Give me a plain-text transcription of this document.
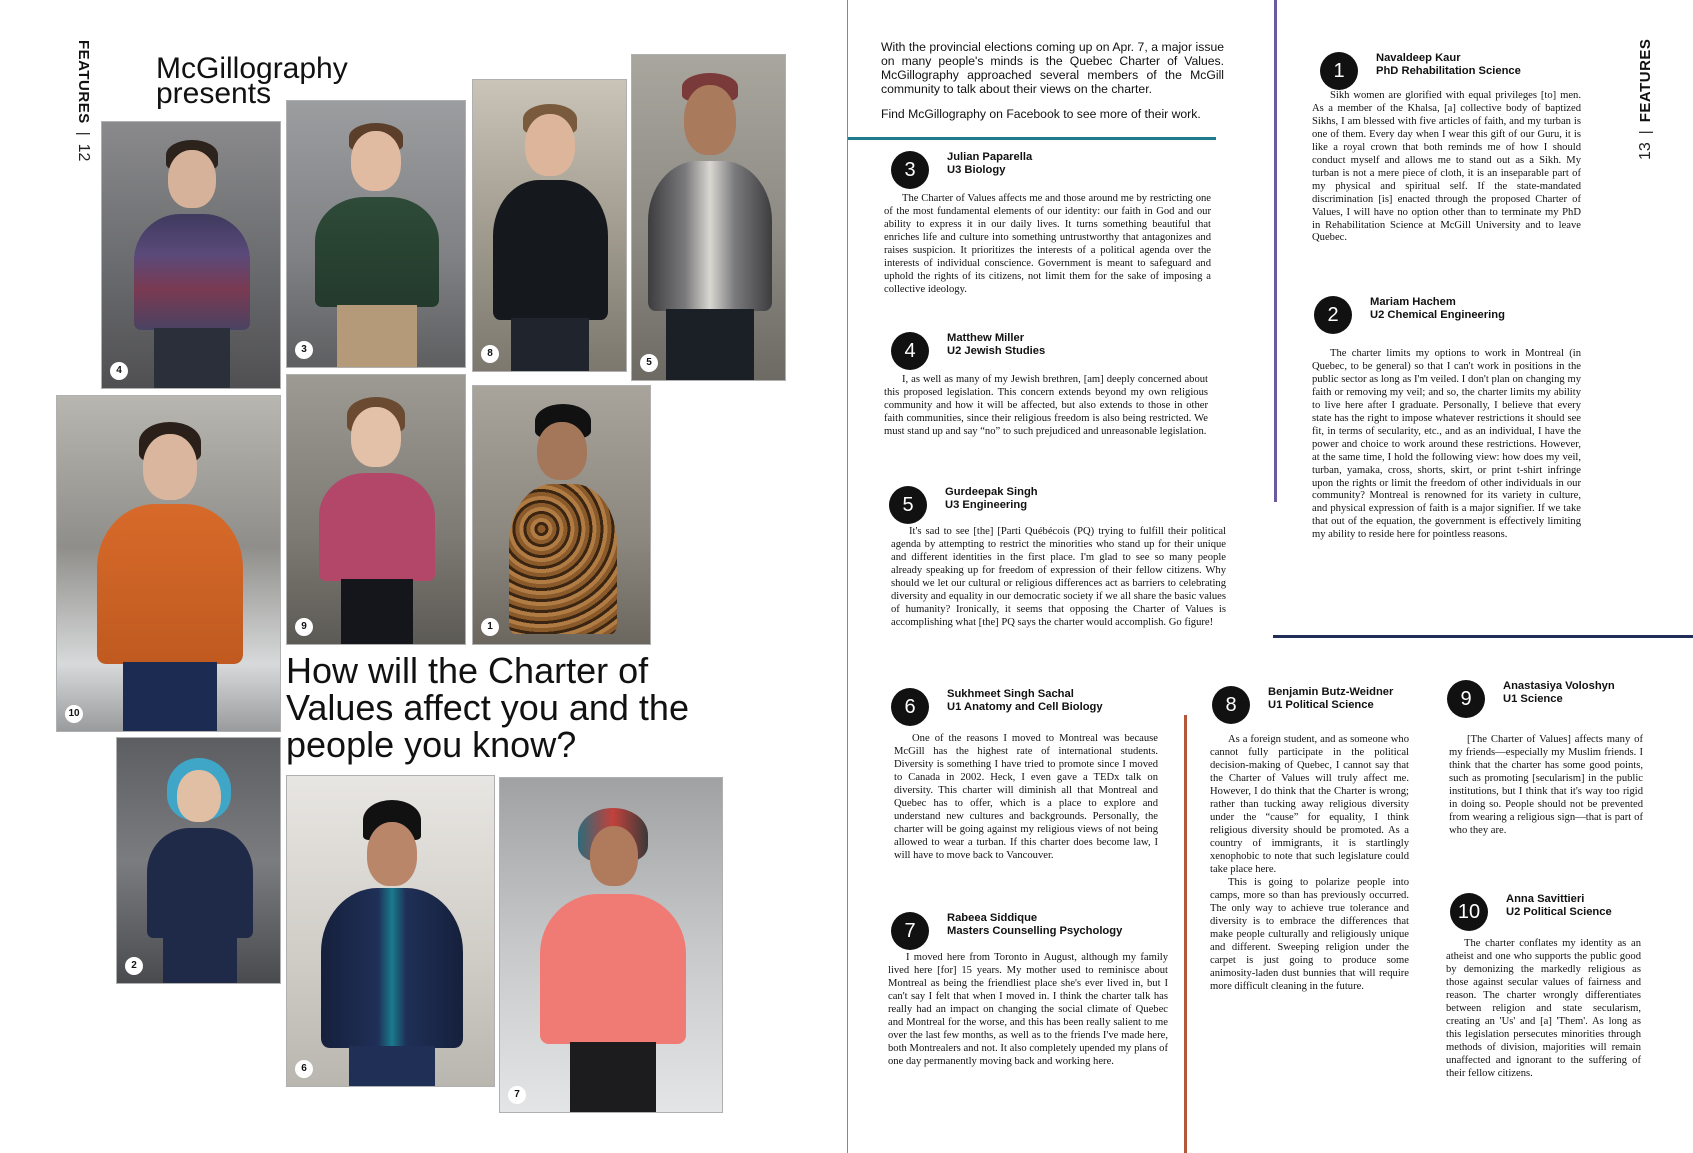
FEATURES|12
McGillography
presents
4
3	8
5
10
9	1
2
How will the Charter of Values affect you and the people you know?
6
7
13|FEATURES

With the provincial elections coming up on Apr. 7, a major issue on many people's minds is the Quebec Charter of Values. McGillography approached several members of the McGill community to talk about their views on the charter.

Find McGillography on Facebook to see more of their work.

1
Navaldeep Kaur
PhD Rehabilitation Science

Sikh women are glorified with equal privileges [to] men. As a member of the Khalsa, [a] collective body of baptized Sikhs, I am blessed with five articles of faith, and my turban is one of them. Every day when I wear this gift of our Guru, it is like a royal crown that both reminds me of how I should conduct myself and allows me to stand out as a Sikh. My turban is not a mere piece of cloth, it is an inseparable part of my physical and spiritual self. If the state-mandated discrimination [is] enacted through the proposed Charter of Values, I will have no option other than to terminate my PhD in Rehabilitation Science at McGill University and to leave Quebec.

2
Mariam Hachem
U2 Chemical Engineering

The charter limits my options to work in Montreal (in Quebec, to be general) so that I can't work in positions in the public sector as long as I'm veiled. I don't plan on changing my faith or removing my veil; and so, the charter limits my ability to live here after I graduate. Personally, I believe that every state has the right to impose whatever restrictions it should see fit, in terms of secularity, etc., and as an individual, I have the power and choice to work around these restrictions. However, at the same time, I hold the following view: how does my veil, turban, yamaka, cross, shorts, skirt, or print t-shirt infringe upon the rights or limit the freedom of other individuals in our community? Montreal is renowned for its variety in culture, and physical expression of faith is a major signifier. If we take that out of the equation, the government is effectively limiting my ability to reside here for pointless reasons.

3
Julian Paparella
U3 Biology

The Charter of Values affects me and those around me by restricting one of the most fundamental elements of our identity: our faith in God and our ability to express it in our daily lives. It turns something beautiful that enriches life and culture into something untrustworthy that antagonizes and raises suspicion. It prioritizes the interests of a political agenda over the interests of individual conscience. Government is meant to safeguard and uphold the rights of its citizens, not limit them for the sake of imposing a collective ideology.

4
Matthew Miller
U2 Jewish Studies

I, as well as many of my Jewish brethren, [am] deeply concerned about this proposed legislation. This concern extends beyond my own religious community and how it will be affected, but also extends to those in other faith communities, since their religious freedom is also being restricted. We must stand up and say “no” to such prejudiced and unreasonable legislation.

5
Gurdeepak Singh
U3 Engineering

It's sad to see [the] [Parti Québécois (PQ) trying to fulfill their political agenda by attempting to restrict the minorities who stand up for their unique and different identities in the first place. I'm glad to see so many people already speaking up for freedom of expression of their fellow citizens. Why should we let our cultural or religious differences act as barriers to celebrating diversity and equality in our democratic society if we all share the basic values of humanity? Ironically, it seems that opposing the Charter of Values is accomplishing what [the] PQ says the charter would accomplish. Go figure!

6
Sukhmeet Singh Sachal
U1 Anatomy and Cell Biology

One of the reasons I moved to Montreal was because McGill has the highest rate of international students. Diversity is something I have tried to promote since I moved to Canada in 2002. Heck, I even gave a TEDx talk on diversity. This charter will diminish all that Montreal and Quebec has to offer, which is a place to explore and understand new cultures and backgrounds. Personally, the charter will be going against my religious views of not being allowed to wear a turban. If this charter does become law, I will have to move back to Vancouver.

7
Rabeea Siddique
Masters Counselling Psychology

I moved here from Toronto in August, although my family lived here [for] 15 years. My mother used to reminisce about Montreal as being the friendliest place she's ever lived in, but I can't say I felt that when I moved in. I think the charter talk has really had an impact on changing the social climate of Quebec and Montreal for the worse, and this has been really salient to me over the last few months, as well as to the friends I've made here, both Montrealers and not. It also completely upended my plans of one day permanently moving back and working here.

8
Benjamin Butz-Weidner
U1 Political Science

As a foreign student, and as someone who cannot fully participate in the political decision-making of Quebec, I cannot say that the Charter of Values will truly affect me. However, I do think that the Charter is wrong; rather than tucking away religious diversity under the “cause” for equality, I think religious diversity should be promoted. As a country of immigrants, it is startlingly xenophobic to note that such legislature could take place here.

This is going to polarize people into camps, more so than has previously occurred. The only way to achieve true tolerance and diversity is to embrace the differences that make people culturally and religiously unique and different. Sweeping religion under the carpet is just going to produce some animosity-laden dust bunnies that will require more difficult cleaning in the future.

9
Anastasiya Voloshyn
U1 Science

[The Charter of Values] affects many of my friends—especially my Muslim friends. I think that the charter has some good points, such as promoting [secularism] in the public institutions, but I think that it's way too rigid in doing so. People should not be prevented from wearing a religious sign—that is part of who they are.

10
Anna Savittieri
U2 Political Science

The charter conflates my identity as an atheist and one who supports the public good by demonizing the markedly religious as those against secular values of fairness and reason. The charter wrongly differentiates between religion and state secularism, creating an 'Us' and [a] 'Them'. As long as this legislation persecutes minorities through methods of division, majorities will remain unaffected and ignorant to the suffering of their fellow citizens.
